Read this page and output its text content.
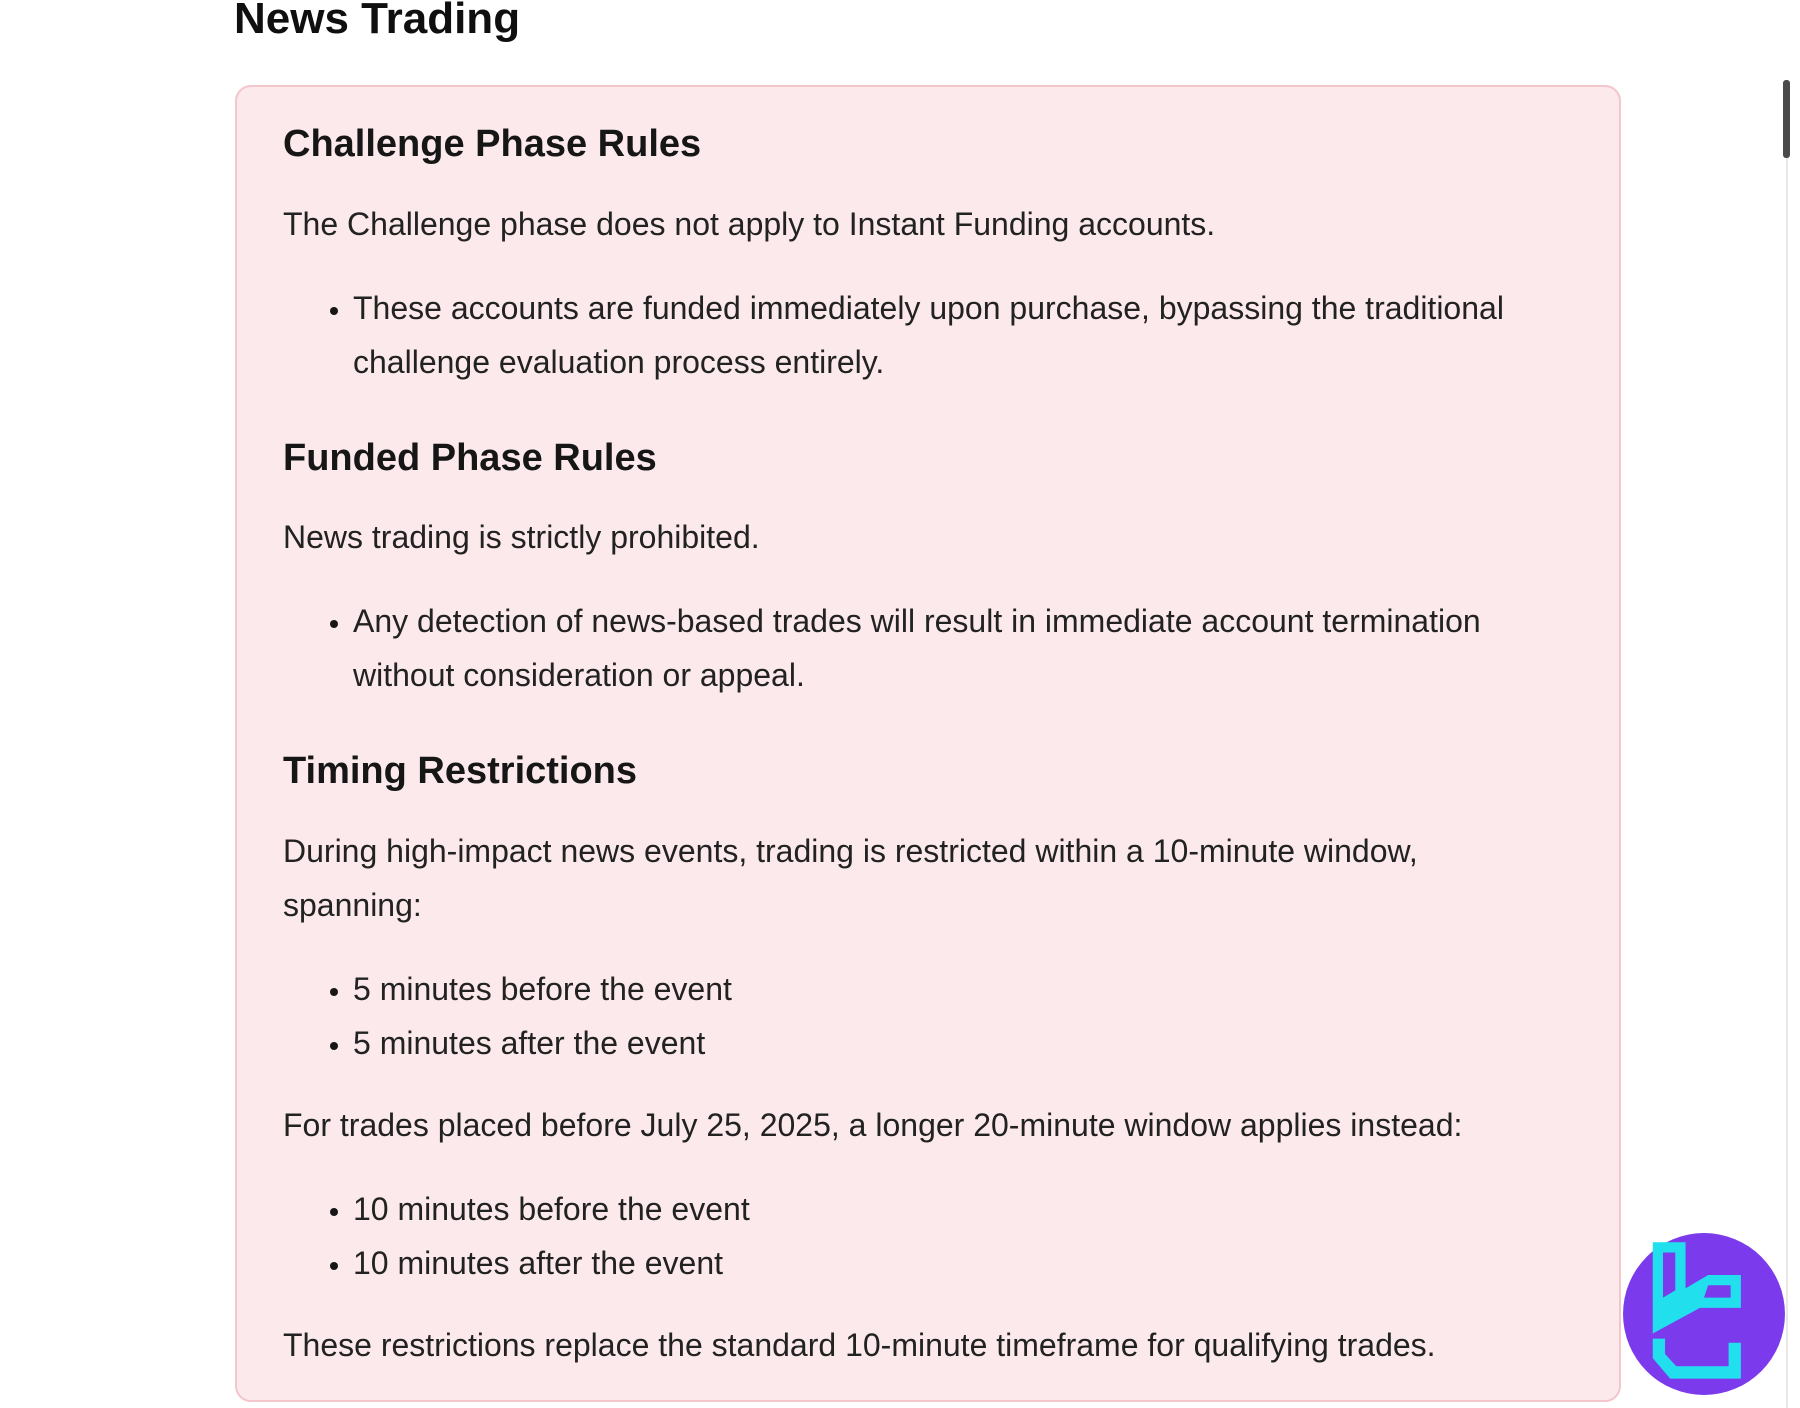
News Trading
Challenge Phase Rules

The Challenge phase does not apply to Instant Funding accounts.

• These accounts are funded immediately upon purchase, bypassing the traditional challenge evaluation process entirely.
Funded Phase Rules

News trading is strictly prohibited.

• Any detection of news-based trades will result in immediate account termination without consideration or appeal.
Timing Restrictions

During high-impact news events, trading is restricted within a 10-minute window, spanning:

• 5 minutes before the event
• 5 minutes after the event

For trades placed before July 25, 2025, a longer 20-minute window applies instead:

• 10 minutes before the event
• 10 minutes after the event

These restrictions replace the standard 10-minute timeframe for qualifying trades.
